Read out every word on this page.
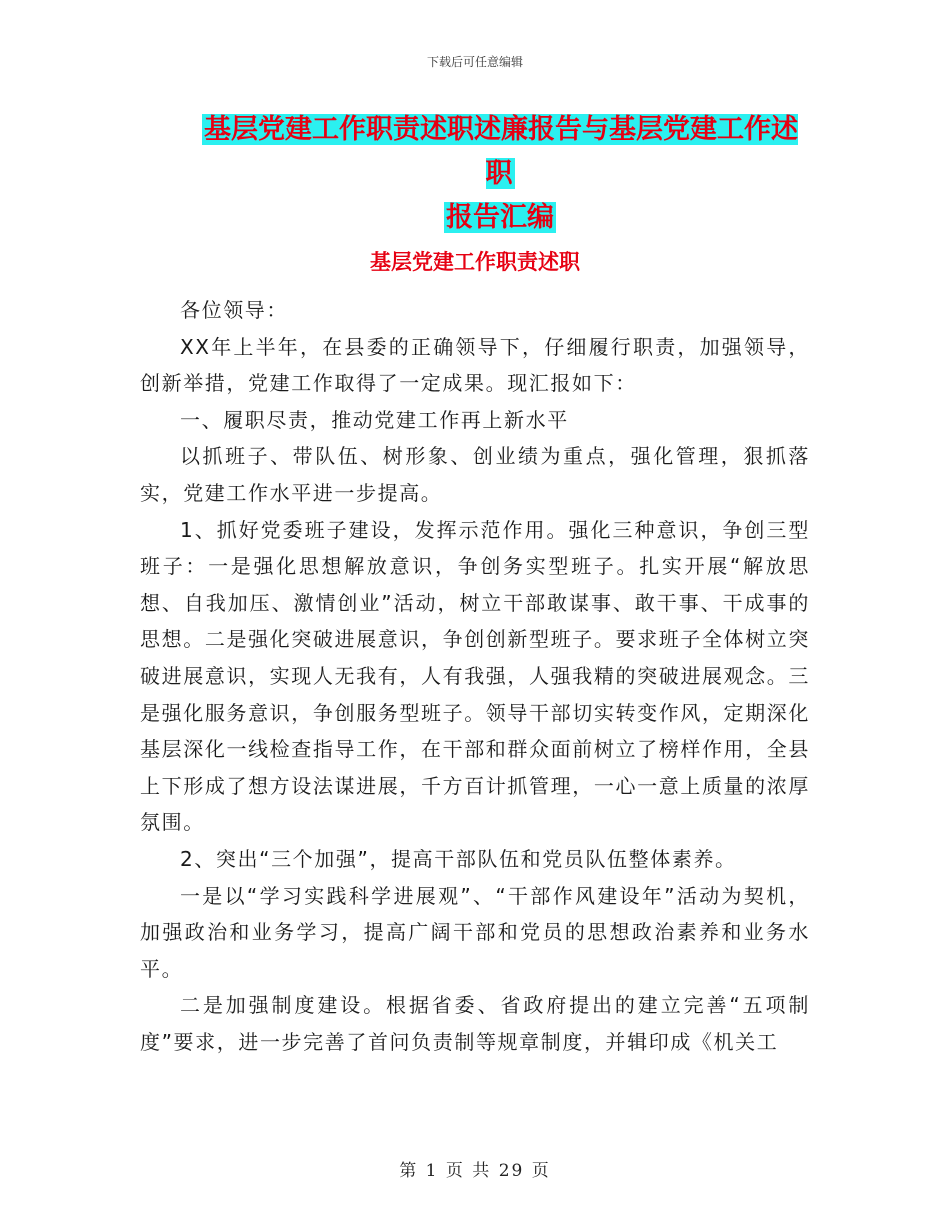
下载后可任意编辑
基层党建工作职责述职述廉报告与基层党建工作述职
报告汇编
基层党建工作职责述职

各位领导：

XX年上半年，在县委的正确领导下，仔细履行职责，加强领导，创新举措，党建工作取得了一定成果。现汇报如下：

一、履职尽责，推动党建工作再上新水平

以抓班子、带队伍、树形象、创业绩为重点，强化管理，狠抓落实，党建工作水平进一步提高。

1、抓好党委班子建设，发挥示范作用。强化三种意识，争创三型班子：一是强化思想解放意识，争创务实型班子。扎实开展“解放思想、自我加压、激情创业”活动，树立干部敢谋事、敢干事、干成事的思想。二是强化突破进展意识，争创创新型班子。要求班子全体树立突破进展意识，实现人无我有，人有我强，人强我精的突破进展观念。三是强化服务意识，争创服务型班子。领导干部切实转变作风，定期深化基层深化一线检查指导工作，在干部和群众面前树立了榜样作用，全县上下形成了想方设法谋进展，千方百计抓管理，一心一意上质量的浓厚氛围。

2、突出“三个加强”，提高干部队伍和党员队伍整体素养。

一是以“学习实践科学进展观”、“干部作风建设年”活动为契机，加强政治和业务学习，提高广阔干部和党员的思想政治素养和业务水平。

二是加强制度建设。根据省委、省政府提出的建立完善“五项制度”要求，进一步完善了首问负责制等规章制度，并辑印成《机关工

第 1 页 共 29 页
